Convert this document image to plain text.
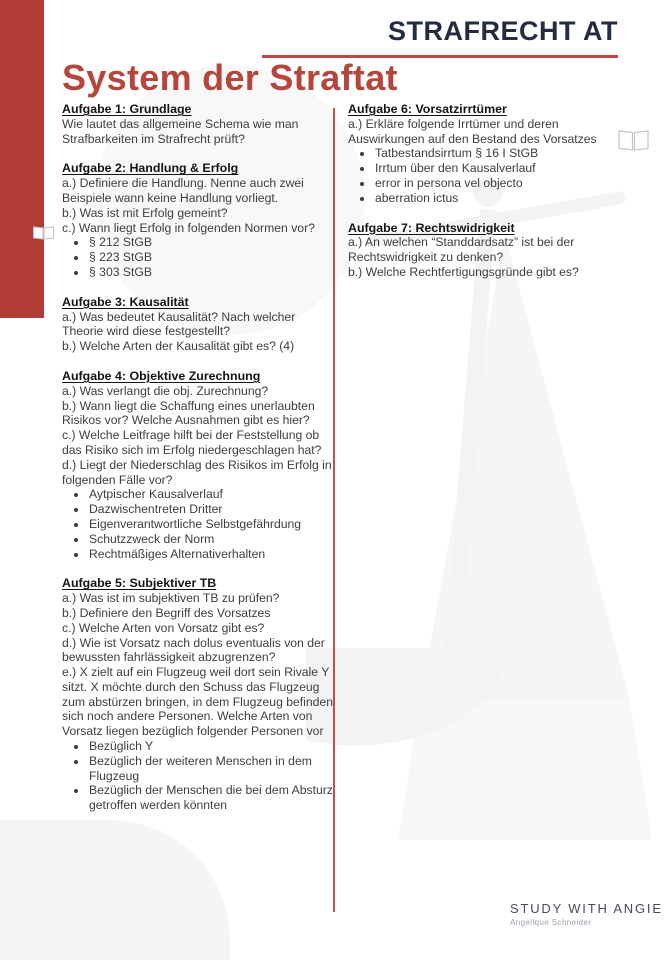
STRAFRECHT AT
System der Straftat
Aufgabe 1: Grundlage

Wie lautet das allgemeine Schema wie man Strafbarkeiten im Strafrecht prüft?

Aufgabe 2: Handlung & Erfolg

a.) Definiere die Handlung. Nenne auch zwei Beispiele wann keine Handlung vorliegt.

b.) Was ist mit Erfolg gemeint?

c.) Wann liegt Erfolg in folgenden Normen vor?

• § 212 StGB
• § 223 StGB
• § 303 StGB
Aufgabe 3: Kausalität

a.) Was bedeutet Kausalität? Nach welcher Theorie wird diese festgestellt?

b.) Welche Arten der Kausalität gibt es? (4)

Aufgabe 4: Objektive Zurechnung

a.) Was verlangt die obj. Zurechnung?

b.) Wann liegt die Schaffung eines unerlaubten Risikos vor? Welche Ausnahmen gibt es hier?

c.) Welche Leitfrage hilft bei der Feststellung ob das Risiko sich im Erfolg niedergeschlagen hat?

d.) Liegt der Niederschlag des Risikos im Erfolg in folgenden Fälle vor?

• Aytpischer Kausalverlauf
• Dazwischentreten Dritter
• Eigenverantwortliche Selbstgefährdung
• Schutzzweck der Norm
• Rechtmäßiges Alternativerhalten
Aufgabe 5: Subjektiver TB

a.) Was ist im subjektiven TB zu prüfen?

b.) Definiere den Begriff des Vorsatzes

c.) Welche Arten von Vorsatz gibt es?

d.) Wie ist Vorsatz nach dolus eventualis von der bewussten fahrlässigkeit abzugrenzen?

e.) X zielt auf ein Flugzeug weil dort sein Rivale Y sitzt. X möchte durch den Schuss das Flugzeug zum abstürzen bringen, in dem Flugzeug befinden sich noch andere Personen. Welche Arten von Vorsatz liegen bezüglich folgender Personen vor

• Bezüglich Y
• Bezüglich der weiteren Menschen in dem Flugzeug
• Bezüglich der Menschen die bei dem Absturz getroffen werden könnten
Aufgabe 6: Vorsatzirrtümer

a.) Erkläre folgende Irrtümer und deren Auswirkungen auf den Bestand des Vorsatzes

• Tatbestandsirrtum § 16 I StGB
• Irrtum über den Kausalverlauf
• error in persona vel objecto
• aberration ictus
Aufgabe 7: Rechtswidrigkeit

a.) An welchen “Standdardsatz” ist bei der Rechtswidrigkeit zu denken?

b.) Welche Rechtfertigungsgründe gibt es?

STUDY WITH ANGIE
Angelique Schneider
